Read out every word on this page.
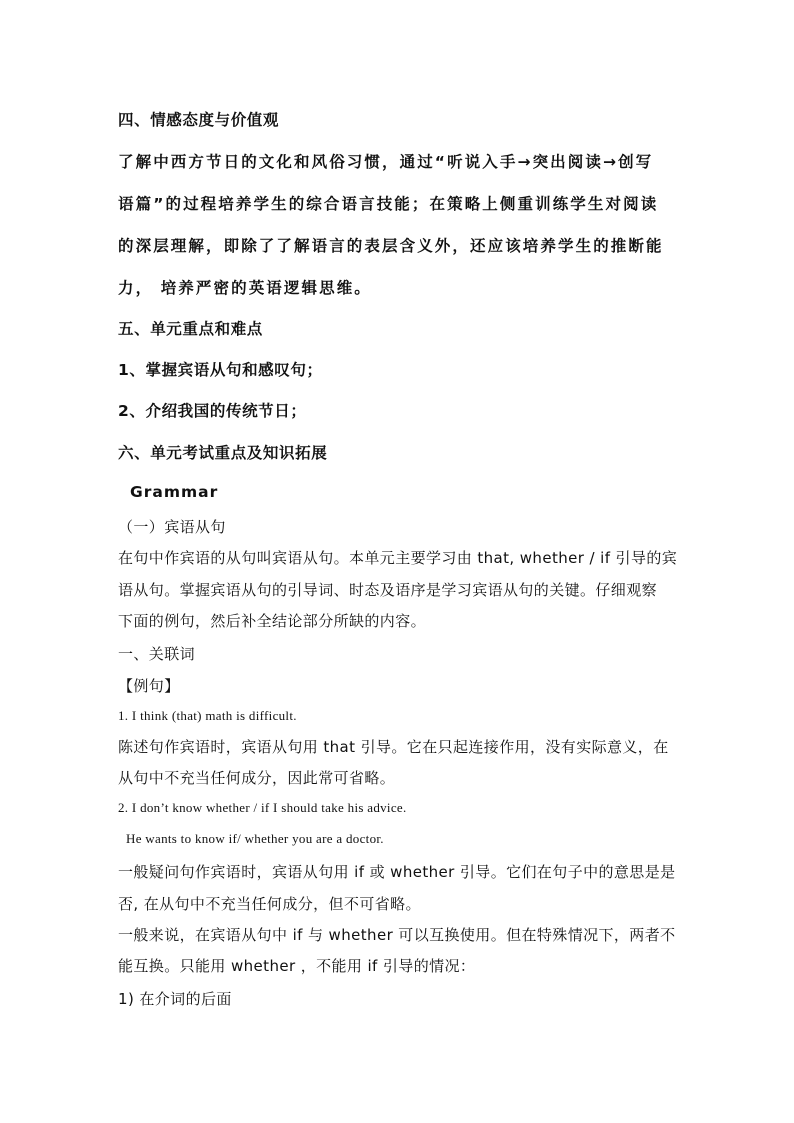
四、情感态度与价值观
了解中西方节日的文化和风俗习惯，通过“听说入手→突出阅读→创写
语篇”的过程培养学生的综合语言技能；在策略上侧重训练学生对阅读
的深层理解，即除了了解语言的表层含义外，还应该培养学生的推断能
力， 培养严密的英语逻辑思维。
五、单元重点和难点
1、掌握宾语从句和感叹句；
2、介绍我国的传统节日；
六、单元考试重点及知识拓展
Grammar
（一）宾语从句
在句中作宾语的从句叫宾语从句。本单元主要学习由 that, whether / if 引导的宾
语从句。掌握宾语从句的引导词、时态及语序是学习宾语从句的关键。仔细观察
下面的例句，然后补全结论部分所缺的内容。
一、关联词
【例句】
1. I think (that) math is difficult.
陈述句作宾语时，宾语从句用 that 引导。它在只起连接作用，没有实际意义，在
从句中不充当任何成分，因此常可省略。
2. I don’t know whether / if I should take his advice.
He wants to know if/ whether you are a doctor.
一般疑问句作宾语时，宾语从句用 if 或 whether 引导。它们在句子中的意思是是
否, 在从句中不充当任何成分，但不可省略。
一般来说，在宾语从句中 if 与 whether 可以互换使用。但在特殊情况下，两者不
能互换。只能用 whether ，不能用 if 引导的情况：
1) 在介词的后面
